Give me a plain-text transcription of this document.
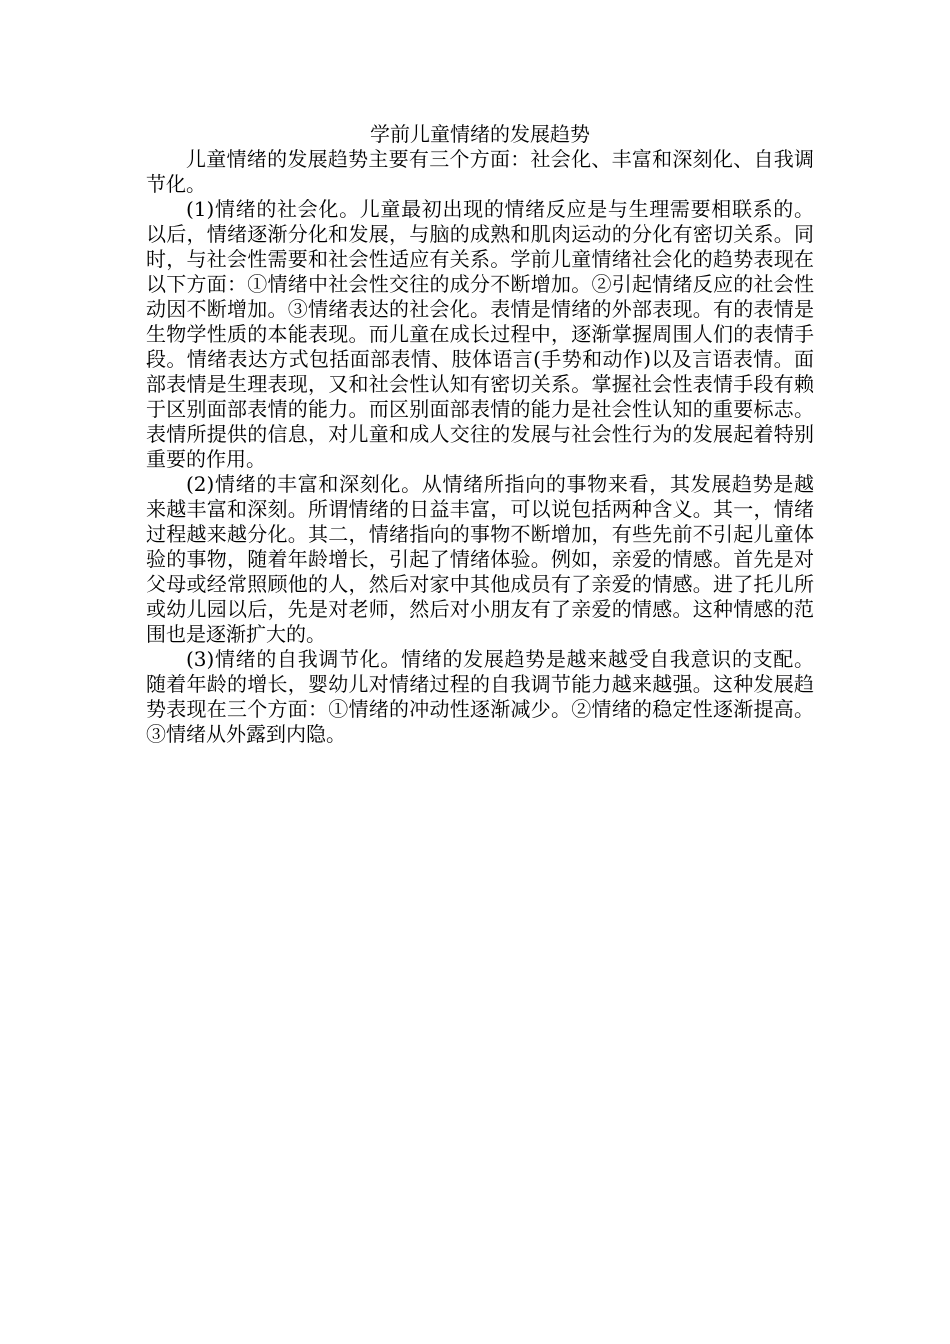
学前儿童情绪的发展趋势

儿童情绪的发展趋势主要有三个方面：社会化、丰富和深刻化、自我调节化。

(1)情绪的社会化。儿童最初出现的情绪反应是与生理需要相联系的。以后，情绪逐渐分化和发展，与脑的成熟和肌肉运动的分化有密切关系。同时，与社会性需要和社会性适应有关系。学前儿童情绪社会化的趋势表现在以下方面：①情绪中社会性交往的成分不断增加。②引起情绪反应的社会性动因不断增加。③情绪表达的社会化。表情是情绪的外部表现。有的表情是生物学性质的本能表现。而儿童在成长过程中，逐渐掌握周围人们的表情手段。情绪表达方式包括面部表情、肢体语言(手势和动作)以及言语表情。面部表情是生理表现，又和社会性认知有密切关系。掌握社会性表情手段有赖于区别面部表情的能力。而区别面部表情的能力是社会性认知的重要标志。表情所提供的信息，对儿童和成人交往的发展与社会性行为的发展起着特别重要的作用。

(2)情绪的丰富和深刻化。从情绪所指向的事物来看，其发展趋势是越来越丰富和深刻。所谓情绪的日益丰富，可以说包括两种含义。其一，情绪过程越来越分化。其二，情绪指向的事物不断增加，有些先前不引起儿童体验的事物，随着年龄增长，引起了情绪体验。例如，亲爱的情感。首先是对父母或经常照顾他的人，然后对家中其他成员有了亲爱的情感。进了托儿所或幼儿园以后，先是对老师，然后对小朋友有了亲爱的情感。这种情感的范围也是逐渐扩大的。

(3)情绪的自我调节化。情绪的发展趋势是越来越受自我意识的支配。随着年龄的增长，婴幼儿对情绪过程的自我调节能力越来越强。这种发展趋势表现在三个方面：①情绪的冲动性逐渐减少。②情绪的稳定性逐渐提高。③情绪从外露到内隐。
